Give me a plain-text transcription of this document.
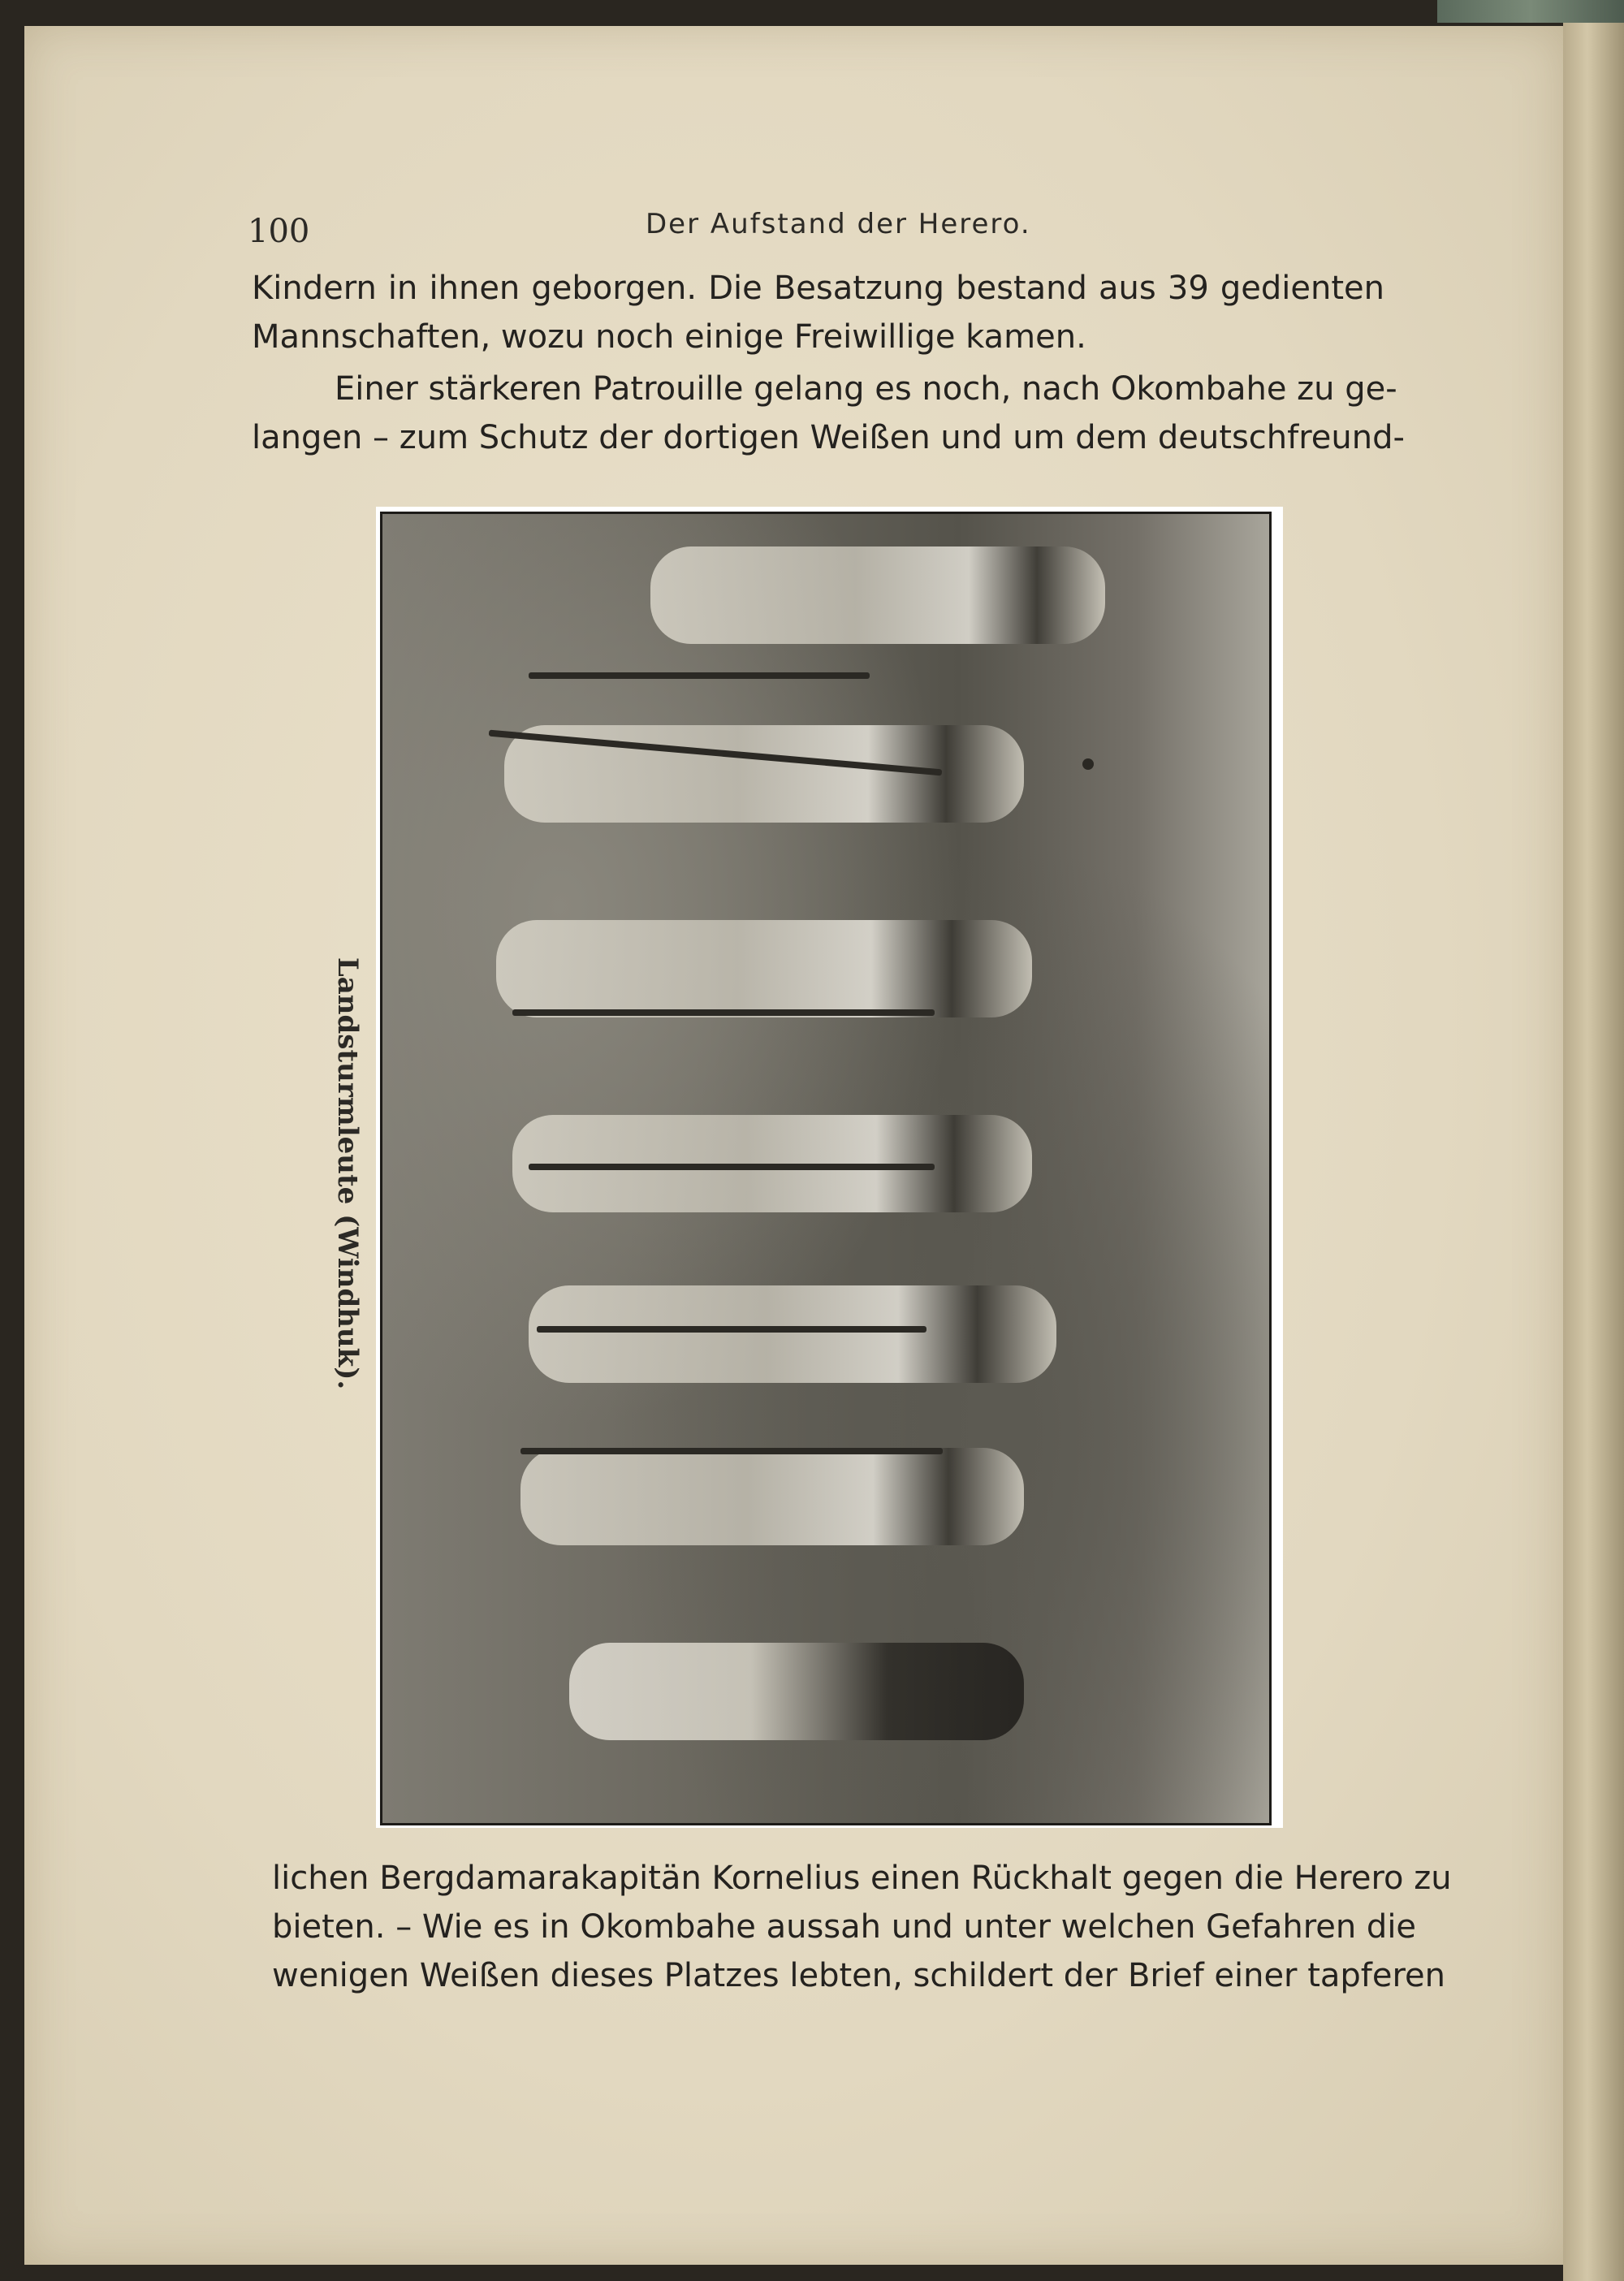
100	Der Aufstand der Herero.
Kindern in ihnen geborgen. Die Besatzung bestand aus 39 gedienten
Mannschaften, wozu noch einige Freiwillige kamen.
Einer stärkeren Patrouille gelang es noch, nach Okombahe zu ge-
langen – zum Schutz der dortigen Weißen und um dem deutschfreund-
Landsturmleute (Windhuk).
lichen Bergdamarakapitän Kornelius einen Rückhalt gegen die Herero zu
bieten. – Wie es in Okombahe aussah und unter welchen Gefahren die
wenigen Weißen dieses Platzes lebten, schildert der Brief einer tapferen
